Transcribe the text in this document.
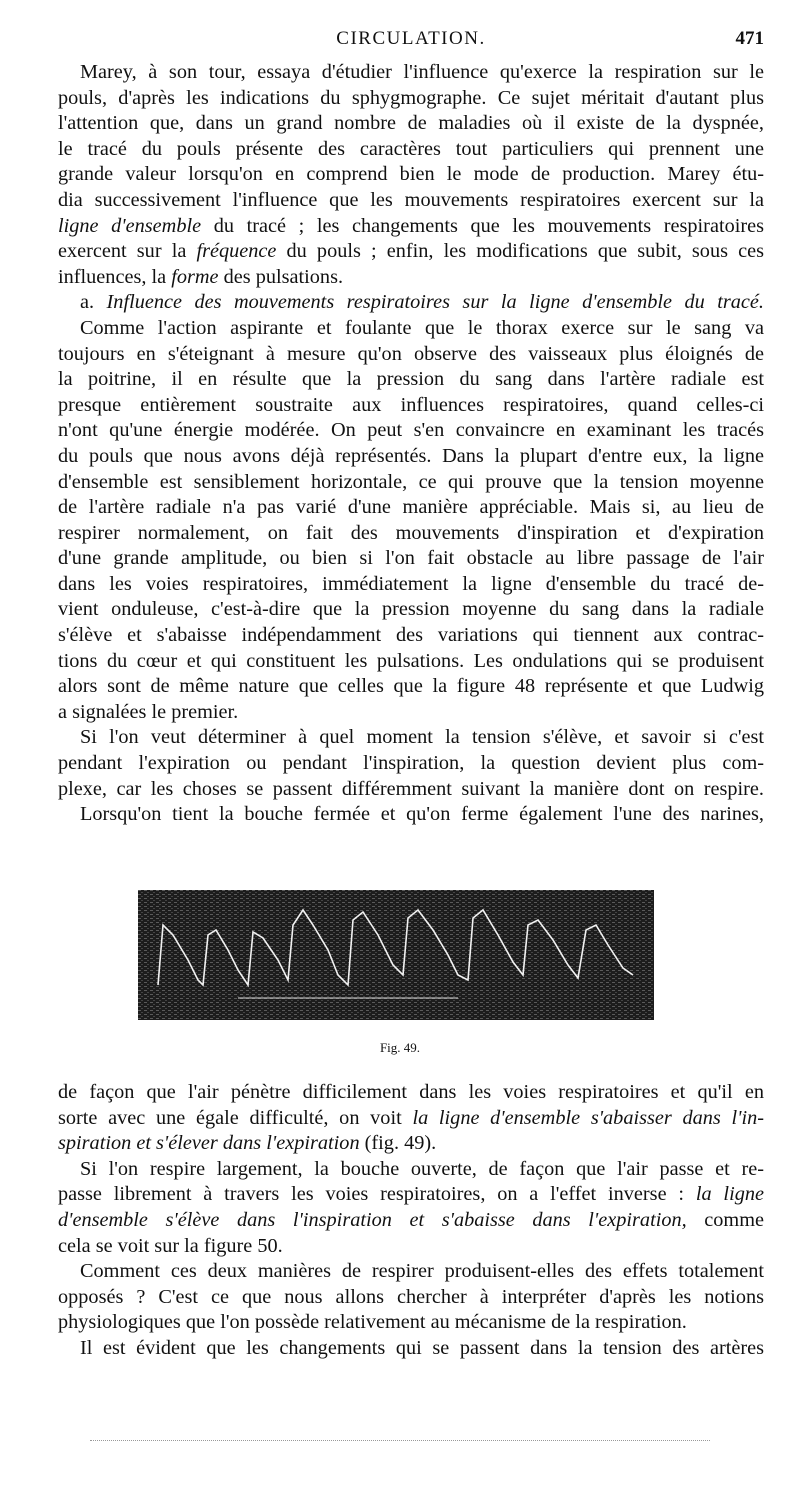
CIRCULATION.	471
Marey, à son tour, essaya d'étudier l'influence qu'exerce la respiration sur le
pouls, d'après les indications du sphygmographe. Ce sujet méritait d'autant plus
l'attention que, dans un grand nombre de maladies où il existe de la dyspnée,
le tracé du pouls présente des caractères tout particuliers qui prennent une
grande valeur lorsqu'on en comprend bien le mode de production. Marey étu-
dia successivement l'influence que les mouvements respiratoires exercent sur la
ligne d'ensemble du tracé ; les changements que les mouvements respiratoires
exercent sur la fréquence du pouls ; enfin, les modifications que subit, sous ces
influences, la forme des pulsations.
a. Influence des mouvements respiratoires sur la ligne d'ensemble du tracé.
Comme l'action aspirante et foulante que le thorax exerce sur le sang va
toujours en s'éteignant à mesure qu'on observe des vaisseaux plus éloignés de
la poitrine, il en résulte que la pression du sang dans l'artère radiale est
presque entièrement soustraite aux influences respiratoires, quand celles-ci
n'ont qu'une énergie modérée. On peut s'en convaincre en examinant les tracés
du pouls que nous avons déjà représentés. Dans la plupart d'entre eux, la ligne
d'ensemble est sensiblement horizontale, ce qui prouve que la tension moyenne
de l'artère radiale n'a pas varié d'une manière appréciable. Mais si, au lieu de
respirer normalement, on fait des mouvements d'inspiration et d'expiration
d'une grande amplitude, ou bien si l'on fait obstacle au libre passage de l'air
dans les voies respiratoires, immédiatement la ligne d'ensemble du tracé de-
vient onduleuse, c'est-à-dire que la pression moyenne du sang dans la radiale
s'élève et s'abaisse indépendamment des variations qui tiennent aux contrac-
tions du cœur et qui constituent les pulsations. Les ondulations qui se produisent
alors sont de même nature que celles que la figure 48 représente et que Ludwig
a signalées le premier.
Si l'on veut déterminer à quel moment la tension s'élève, et savoir si c'est
pendant l'expiration ou pendant l'inspiration, la question devient plus com-
plexe, car les choses se passent différemment suivant la manière dont on respire.
Lorsqu'on tient la bouche fermée et qu'on ferme également l'une des narines,
Fig. 49.
de façon que l'air pénètre difficilement dans les voies respiratoires et qu'il en
sorte avec une égale difficulté, on voit la ligne d'ensemble s'abaisser dans l'in-
spiration et s'élever dans l'expiration (fig. 49).
Si l'on respire largement, la bouche ouverte, de façon que l'air passe et re-
passe librement à travers les voies respiratoires, on a l'effet inverse : la ligne
d'ensemble s'élève dans l'inspiration et s'abaisse dans l'expiration, comme
cela se voit sur la figure 50.
Comment ces deux manières de respirer produisent-elles des effets totalement
opposés ? C'est ce que nous allons chercher à interpréter d'après les notions
physiologiques que l'on possède relativement au mécanisme de la respiration.
Il est évident que les changements qui se passent dans la tension des artères
